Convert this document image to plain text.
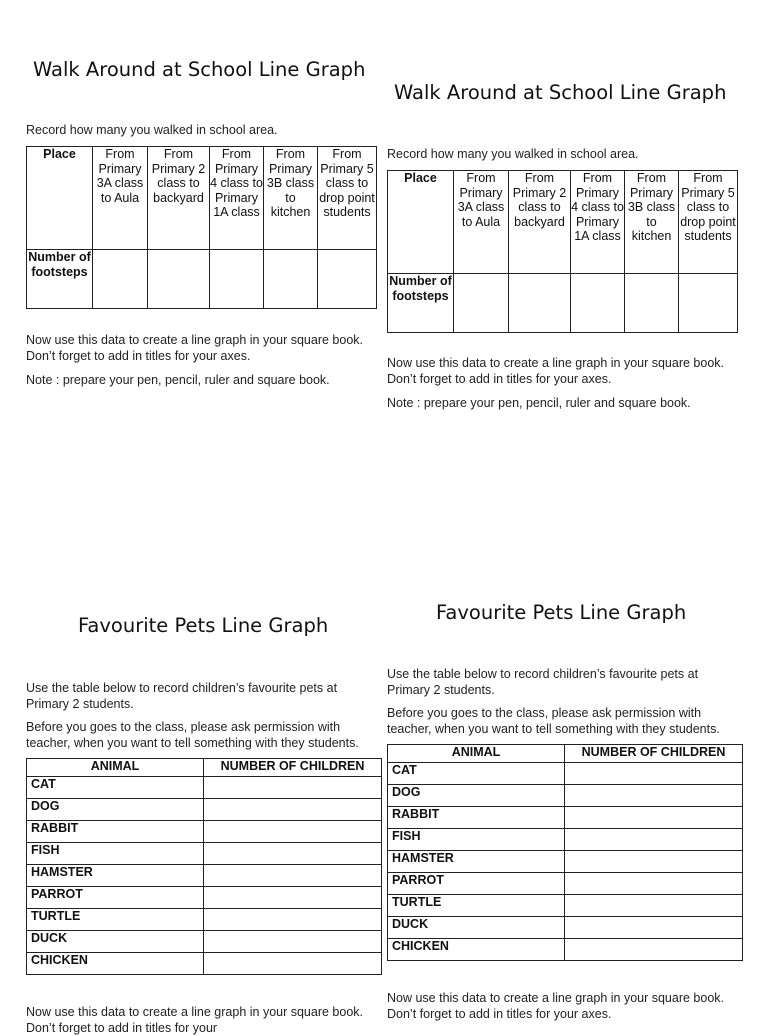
Walk Around at School Line Graph
Record how many you walked in school area.
Place	From Primary 3A class to Aula	From Primary 2 class to backyard	From Primary 4 class to Primary 1A class	From Primary 3B class to kitchen	From Primary 5 class to drop point students
Number of footsteps					
Now use this data to create a line graph in your square book.
Don’t forget to add in titles for your axes.
Note : prepare your pen, pencil, ruler and square book.
Walk Around at School Line Graph
Record how many you walked in school area.
Place	From Primary 3A class to Aula	From Primary 2 class to backyard	From Primary 4 class to Primary 1A class	From Primary 3B class to kitchen	From Primary 5 class to drop point students
Number of footsteps					
Now use this data to create a line graph in your square book.
Don’t forget to add in titles for your axes.
Note : prepare your pen, pencil, ruler and square book.
Favourite Pets Line Graph
Use the table below to record children’s favourite pets at Primary 2 students.
Before you goes to the class, please ask permission with teacher, when you want to tell something with they students.
ANIMAL	NUMBER OF CHILDREN
CAT	
DOG	
RABBIT	
FISH	
HAMSTER	
PARROT	
TURTLE	
DUCK	
CHICKEN	
Now use this data to create a line graph in your square book.
Don’t forget to add in titles for your
Favourite Pets Line Graph
Use the table below to record children’s favourite pets at Primary 2 students.
Before you goes to the class, please ask permission with teacher, when you want to tell something with they students.
ANIMAL	NUMBER OF CHILDREN
CAT	
DOG	
RABBIT	
FISH	
HAMSTER	
PARROT	
TURTLE	
DUCK	
CHICKEN	
Now use this data to create a line graph in your square book.
Don’t forget to add in titles for your axes.
